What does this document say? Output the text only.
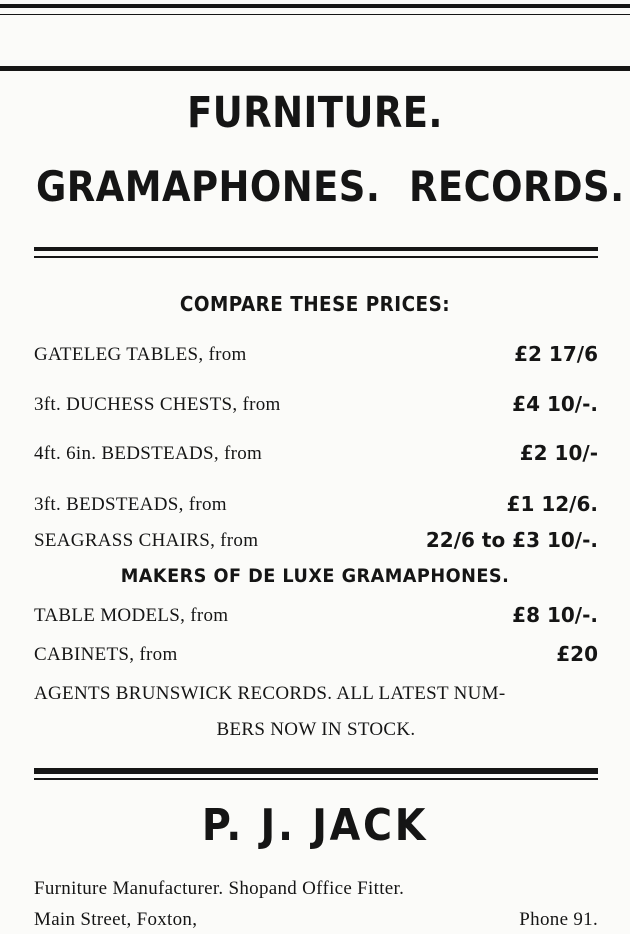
FURNITURE.
GRAMAPHONES. RECORDS.
COMPARE THESE PRICES:
GATELEG TABLES, from	£2 17/6
3ft. DUCHESS CHESTS, from	£4 10/-.
4ft. 6in. BEDSTEADS, from	£2 10/-
3ft. BEDSTEADS, from	£1 12/6.
SEAGRASS CHAIRS, from	22/6 to £3 10/-.
MAKERS OF DE LUXE GRAMAPHONES.
TABLE MODELS, from	£8 10/-.
CABINETS, from	£20
AGENTS BRUNSWICK RECORDS. ALL LATEST NUM-
BERS NOW IN STOCK.
P. J. JACK
Furniture Manufacturer. Shopand Office Fitter.
Main Street, Foxton,	Phone 91.
